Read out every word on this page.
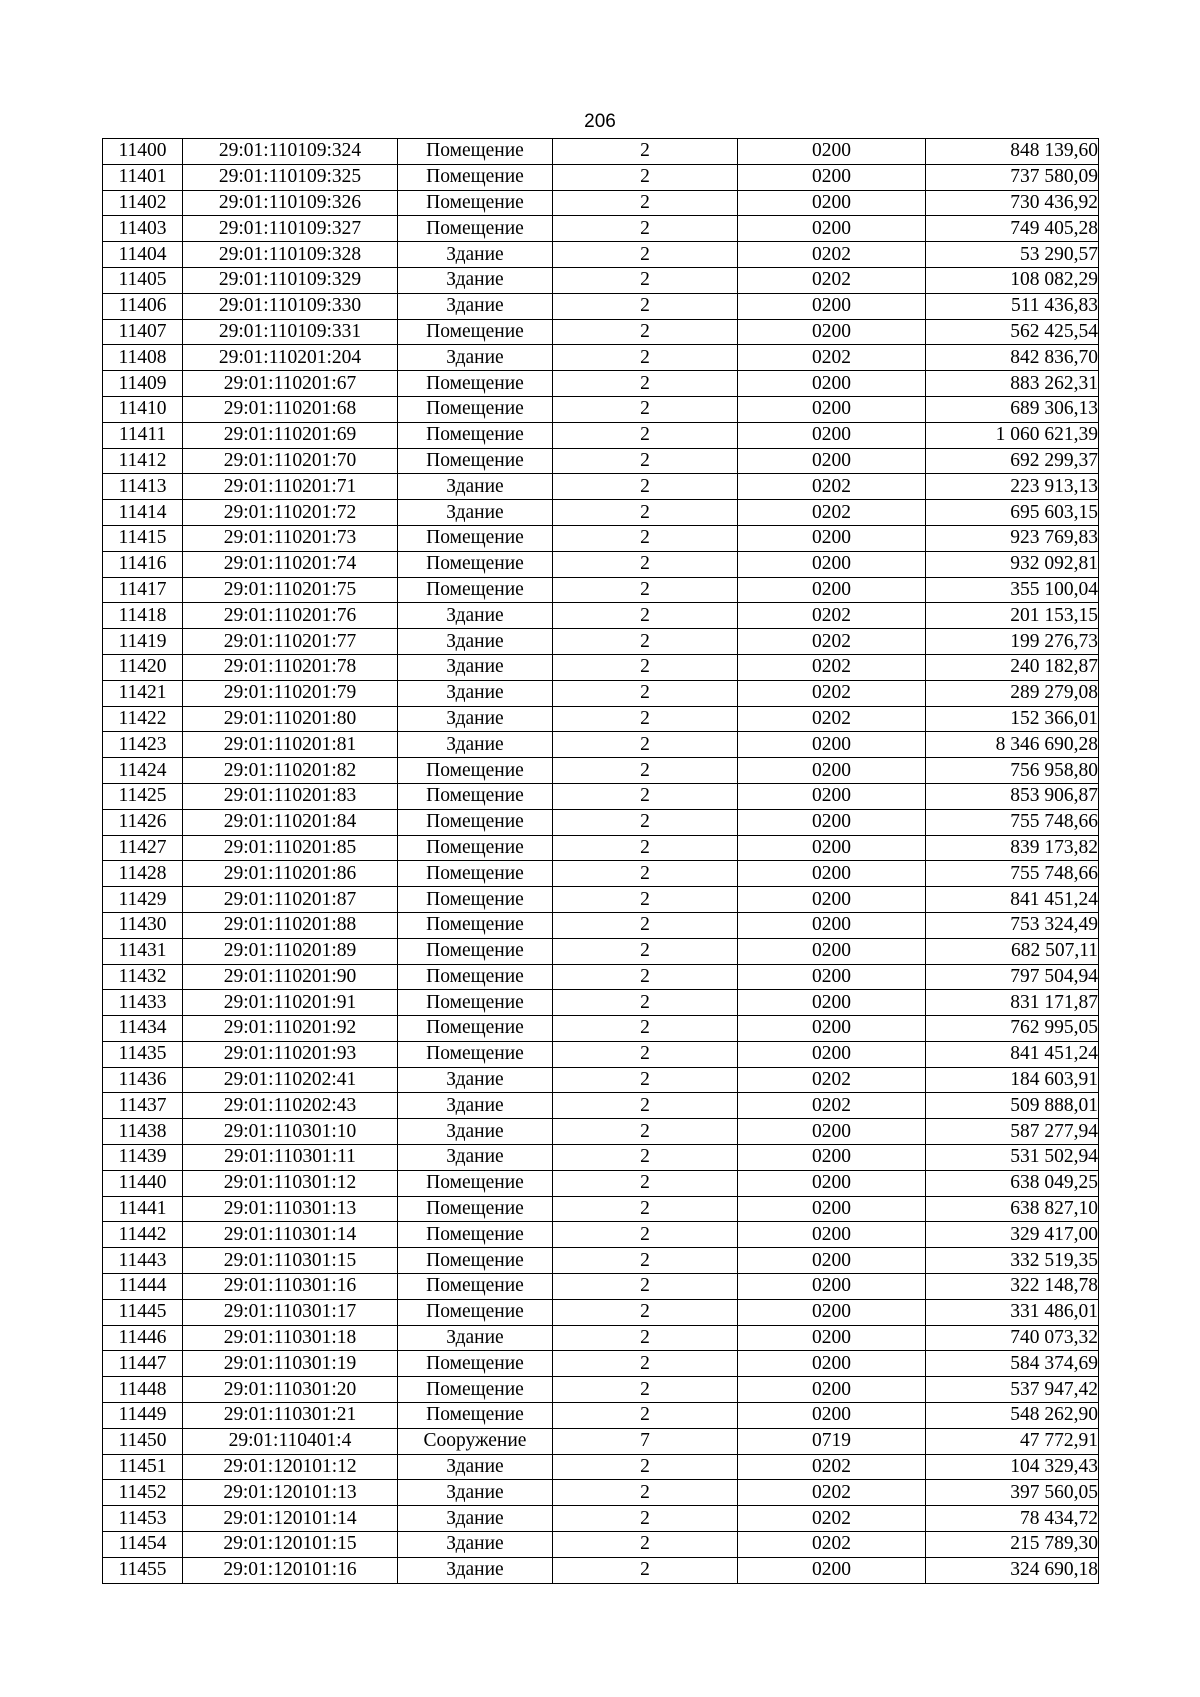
206
11400	29:01:110109:324	Помещение	2	0200	848 139,60
11401	29:01:110109:325	Помещение	2	0200	737 580,09
11402	29:01:110109:326	Помещение	2	0200	730 436,92
11403	29:01:110109:327	Помещение	2	0200	749 405,28
11404	29:01:110109:328	Здание	2	0202	53 290,57
11405	29:01:110109:329	Здание	2	0202	108 082,29
11406	29:01:110109:330	Здание	2	0200	511 436,83
11407	29:01:110109:331	Помещение	2	0200	562 425,54
11408	29:01:110201:204	Здание	2	0202	842 836,70
11409	29:01:110201:67	Помещение	2	0200	883 262,31
11410	29:01:110201:68	Помещение	2	0200	689 306,13
11411	29:01:110201:69	Помещение	2	0200	1 060 621,39
11412	29:01:110201:70	Помещение	2	0200	692 299,37
11413	29:01:110201:71	Здание	2	0202	223 913,13
11414	29:01:110201:72	Здание	2	0202	695 603,15
11415	29:01:110201:73	Помещение	2	0200	923 769,83
11416	29:01:110201:74	Помещение	2	0200	932 092,81
11417	29:01:110201:75	Помещение	2	0200	355 100,04
11418	29:01:110201:76	Здание	2	0202	201 153,15
11419	29:01:110201:77	Здание	2	0202	199 276,73
11420	29:01:110201:78	Здание	2	0202	240 182,87
11421	29:01:110201:79	Здание	2	0202	289 279,08
11422	29:01:110201:80	Здание	2	0202	152 366,01
11423	29:01:110201:81	Здание	2	0200	8 346 690,28
11424	29:01:110201:82	Помещение	2	0200	756 958,80
11425	29:01:110201:83	Помещение	2	0200	853 906,87
11426	29:01:110201:84	Помещение	2	0200	755 748,66
11427	29:01:110201:85	Помещение	2	0200	839 173,82
11428	29:01:110201:86	Помещение	2	0200	755 748,66
11429	29:01:110201:87	Помещение	2	0200	841 451,24
11430	29:01:110201:88	Помещение	2	0200	753 324,49
11431	29:01:110201:89	Помещение	2	0200	682 507,11
11432	29:01:110201:90	Помещение	2	0200	797 504,94
11433	29:01:110201:91	Помещение	2	0200	831 171,87
11434	29:01:110201:92	Помещение	2	0200	762 995,05
11435	29:01:110201:93	Помещение	2	0200	841 451,24
11436	29:01:110202:41	Здание	2	0202	184 603,91
11437	29:01:110202:43	Здание	2	0202	509 888,01
11438	29:01:110301:10	Здание	2	0200	587 277,94
11439	29:01:110301:11	Здание	2	0200	531 502,94
11440	29:01:110301:12	Помещение	2	0200	638 049,25
11441	29:01:110301:13	Помещение	2	0200	638 827,10
11442	29:01:110301:14	Помещение	2	0200	329 417,00
11443	29:01:110301:15	Помещение	2	0200	332 519,35
11444	29:01:110301:16	Помещение	2	0200	322 148,78
11445	29:01:110301:17	Помещение	2	0200	331 486,01
11446	29:01:110301:18	Здание	2	0200	740 073,32
11447	29:01:110301:19	Помещение	2	0200	584 374,69
11448	29:01:110301:20	Помещение	2	0200	537 947,42
11449	29:01:110301:21	Помещение	2	0200	548 262,90
11450	29:01:110401:4	Сооружение	7	0719	47 772,91
11451	29:01:120101:12	Здание	2	0202	104 329,43
11452	29:01:120101:13	Здание	2	0202	397 560,05
11453	29:01:120101:14	Здание	2	0202	78 434,72
11454	29:01:120101:15	Здание	2	0202	215 789,30
11455	29:01:120101:16	Здание	2	0200	324 690,18
